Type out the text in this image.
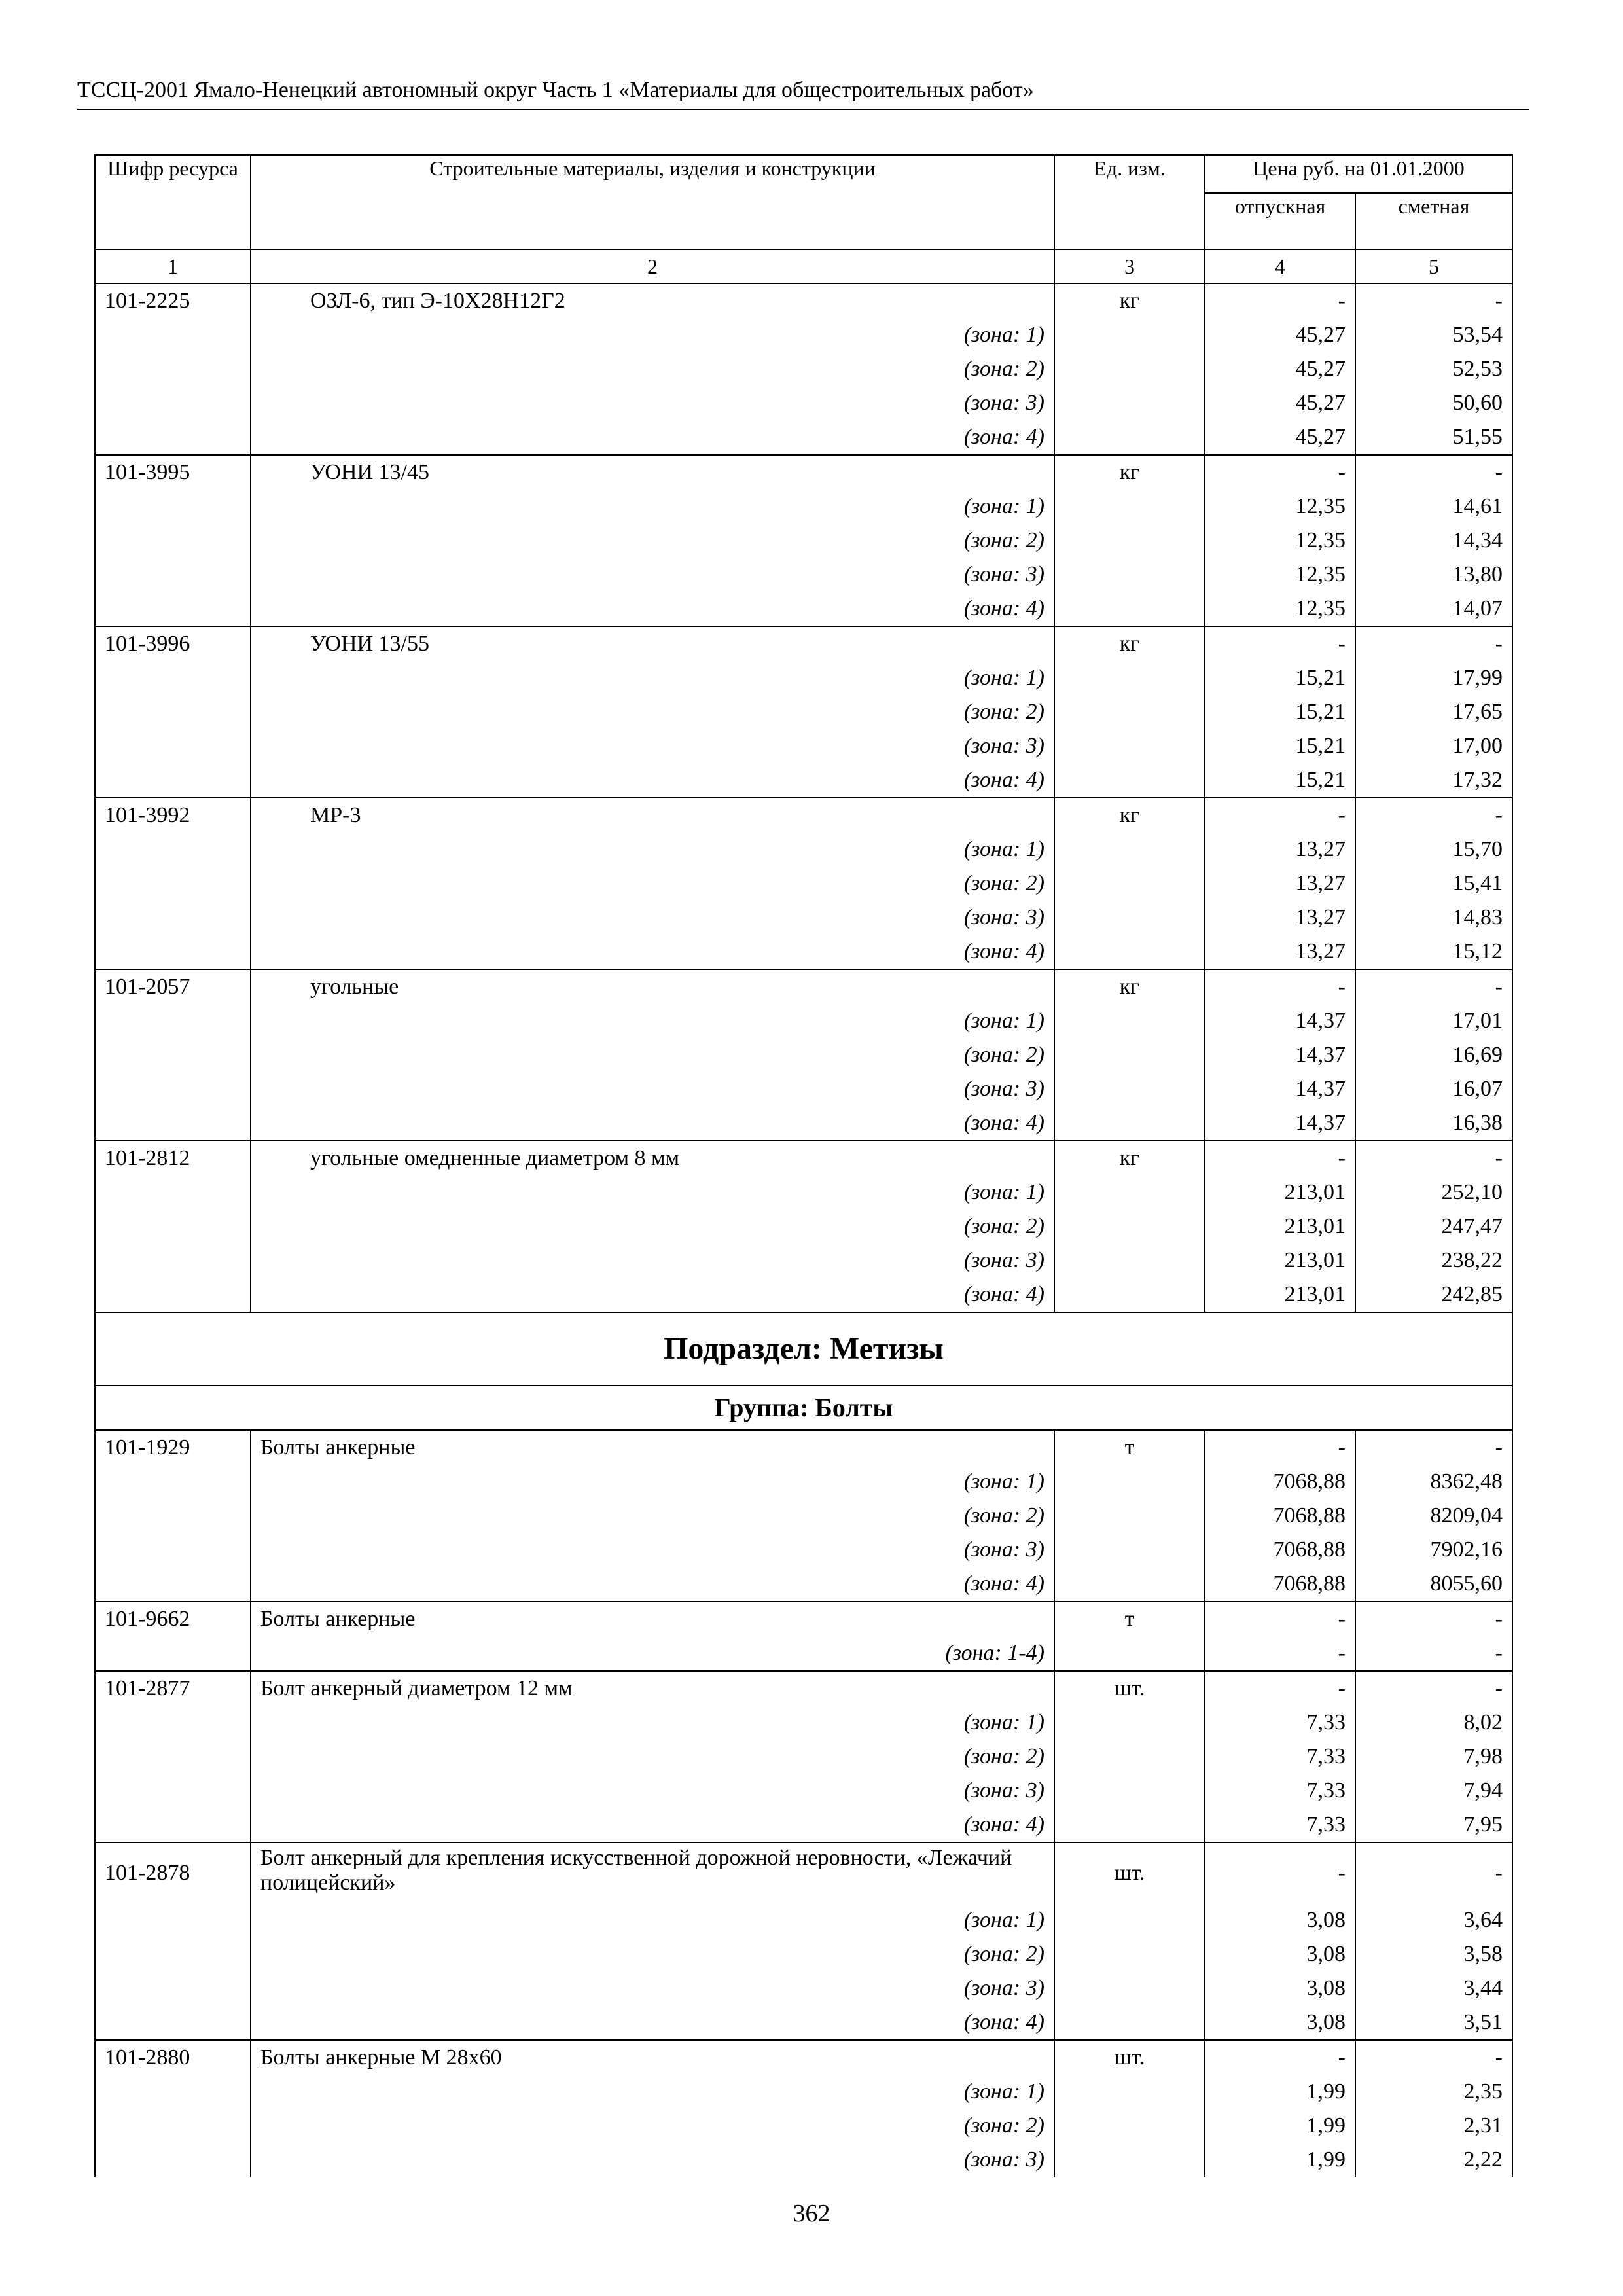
ТССЦ-2001 Ямало-Ненецкий автономный округ Часть 1 «Материалы для общестроительных работ»
Шифр ресурса	Строительные материалы, изделия и конструкции	Ед. изм.	Цена руб. на 01.01.2000	
			отпускная	сметная
1	2	3	4	5
101-2225	ОЗЛ-6, тип Э-10Х28Н12Г2	кг	-	-
	(зона: 1)		45,27	53,54
	(зона: 2)		45,27	52,53
	(зона: 3)		45,27	50,60
	(зона: 4)		45,27	51,55
101-3995	УОНИ 13/45	кг	-	-
	(зона: 1)		12,35	14,61
	(зона: 2)		12,35	14,34
	(зона: 3)		12,35	13,80
	(зона: 4)		12,35	14,07
101-3996	УОНИ 13/55	кг	-	-
	(зона: 1)		15,21	17,99
	(зона: 2)		15,21	17,65
	(зона: 3)		15,21	17,00
	(зона: 4)		15,21	17,32
101-3992	МР-3	кг	-	-
	(зона: 1)		13,27	15,70
	(зона: 2)		13,27	15,41
	(зона: 3)		13,27	14,83
	(зона: 4)		13,27	15,12
101-2057	угольные	кг	-	-
	(зона: 1)		14,37	17,01
	(зона: 2)		14,37	16,69
	(зона: 3)		14,37	16,07
	(зона: 4)		14,37	16,38
101-2812	угольные омедненные диаметром 8 мм	кг	-	-
	(зона: 1)		213,01	252,10
	(зона: 2)		213,01	247,47
	(зона: 3)		213,01	238,22
	(зона: 4)		213,01	242,85
Подраздел: Метизы				
Группа: Болты				
101-1929	Болты анкерные	т	-	-
	(зона: 1)		7068,88	8362,48
	(зона: 2)		7068,88	8209,04
	(зона: 3)		7068,88	7902,16
	(зона: 4)		7068,88	8055,60
101-9662	Болты анкерные	т	-	-
	(зона: 1-4)		-	-
101-2877	Болт анкерный диаметром 12 мм	шт.	-	-
	(зона: 1)		7,33	8,02
	(зона: 2)		7,33	7,98
	(зона: 3)		7,33	7,94
	(зона: 4)		7,33	7,95
101-2878	Болт анкерный для крепления искусственной дорожной неровности, «Лежачий полицейский»	шт.	-	-
	(зона: 1)		3,08	3,64
	(зона: 2)		3,08	3,58
	(зона: 3)		3,08	3,44
	(зона: 4)		3,08	3,51
101-2880	Болты анкерные М 28х60	шт.	-	-
	(зона: 1)		1,99	2,35
	(зона: 2)		1,99	2,31
	(зона: 3)		1,99	2,22
362
